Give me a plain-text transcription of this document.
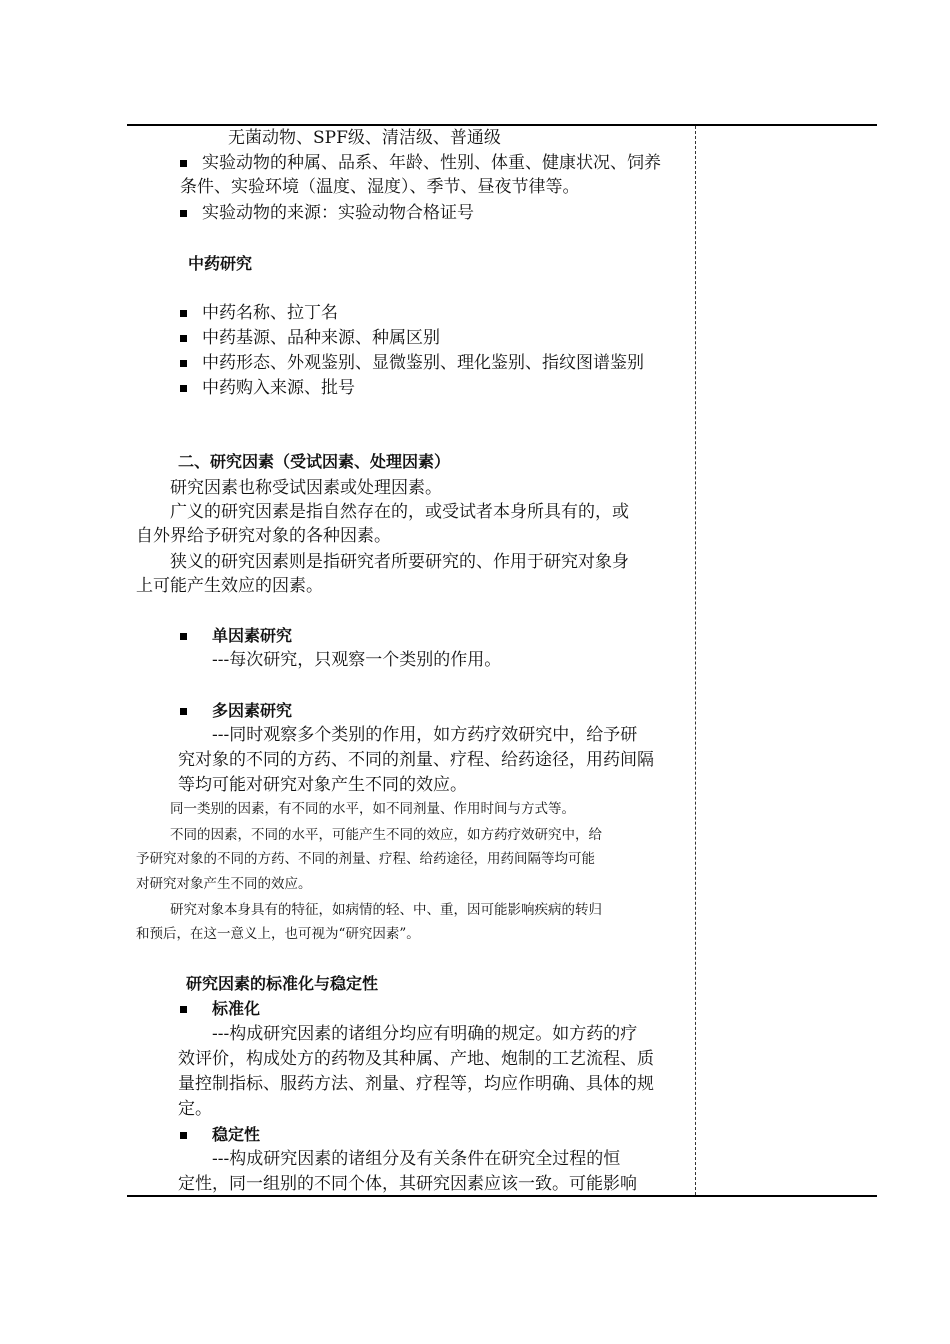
无菌动物、SPF级、清洁级、普通级
实验动物的种属、品系、年龄、性别、体重、健康状况、饲养
条件、实验环境（温度、湿度）、季节、昼夜节律等。
实验动物的来源：实验动物合格证号
中药研究
中药名称、拉丁名
中药基源、品种来源、种属区别
中药形态、外观鉴别、显微鉴别、理化鉴别、指纹图谱鉴别
中药购入来源、批号
二、研究因素（受试因素、处理因素）
研究因素也称受试因素或处理因素。
广义的研究因素是指自然存在的，或受试者本身所具有的，或
自外界给予研究对象的各种因素。
狭义的研究因素则是指研究者所要研究的、作用于研究对象身
上可能产生效应的因素。
单因素研究
---每次研究，只观察一个类别的作用。
多因素研究
---同时观察多个类别的作用，如方药疗效研究中，给予研
究对象的不同的方药、不同的剂量、疗程、给药途径，用药间隔
等均可能对研究对象产生不同的效应。
同一类别的因素，有不同的水平，如不同剂量、作用时间与方式等。
不同的因素，不同的水平，可能产生不同的效应，如方药疗效研究中，给
予研究对象的不同的方药、不同的剂量、疗程、给药途径，用药间隔等均可能
对研究对象产生不同的效应。
研究对象本身具有的特征，如病情的轻、中、重，因可能影响疾病的转归
和预后，在这一意义上，也可视为“研究因素”。
研究因素的标准化与稳定性
标准化
---构成研究因素的诸组分均应有明确的规定。如方药的疗
效评价，构成处方的药物及其种属、产地、炮制的工艺流程、质
量控制指标、服药方法、剂量、疗程等，均应作明确、具体的规
定。
稳定性
---构成研究因素的诸组分及有关条件在研究全过程的恒
定性，同一组别的不同个体，其研究因素应该一致。可能影响
